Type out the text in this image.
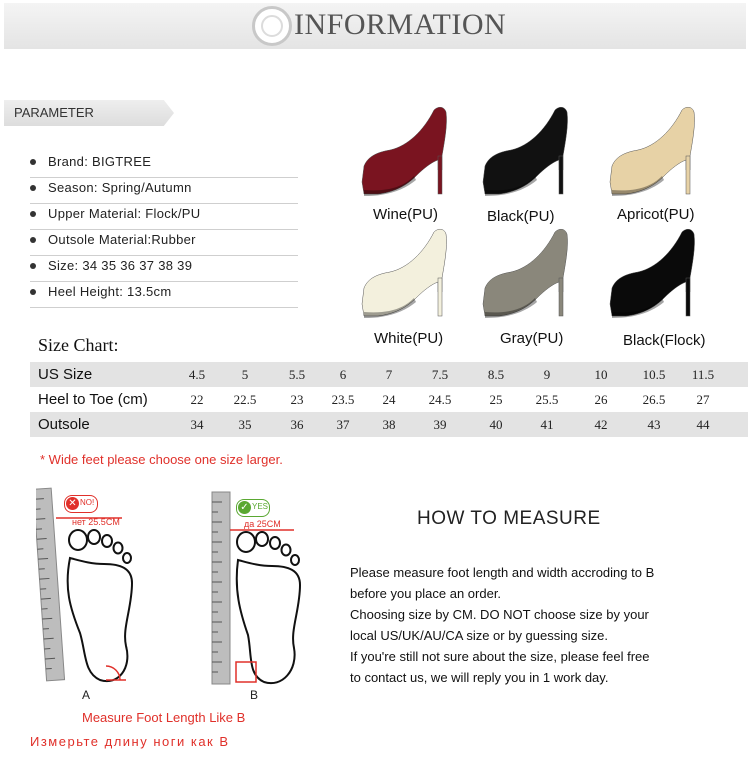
INFORMATION
PARAMETER
Brand: BIGTREE
Season: Spring/Autumn
Upper Material: Flock/PU
Outsole Material:Rubber
Size: 34 35 36 37 38 39
Heel Height: 13.5cm
Wine(PU)	Black(PU)	Apricot(PU)
White(PU)	Gray(PU)	Black(Flock)
Size Chart:
US Size	4.5	5	5.5	6	7	7.5	8.5	9	10	10.5	11.5
Heel to Toe (cm)	22	22.5	23	23.5	24	24.5	25	25.5	26	26.5	27
Outsole	34	35	36	37	38	39	40	41	42	43	44
* Wide feet please choose one size larger.
✕ NO!
нет 25.5CM
A
✓ YES
да 25CM
B
Measure Foot Length Like B
Измерьте длину ноги как В
HOW TO MEASURE
Please measure foot length and width accroding to B
before you place an order.
Choosing size by CM. DO NOT choose size by your
local US/UK/AU/CA size or by guessing size.
If you're still not sure about the size, please feel free
to contact us, we will reply you in 1 work day.
